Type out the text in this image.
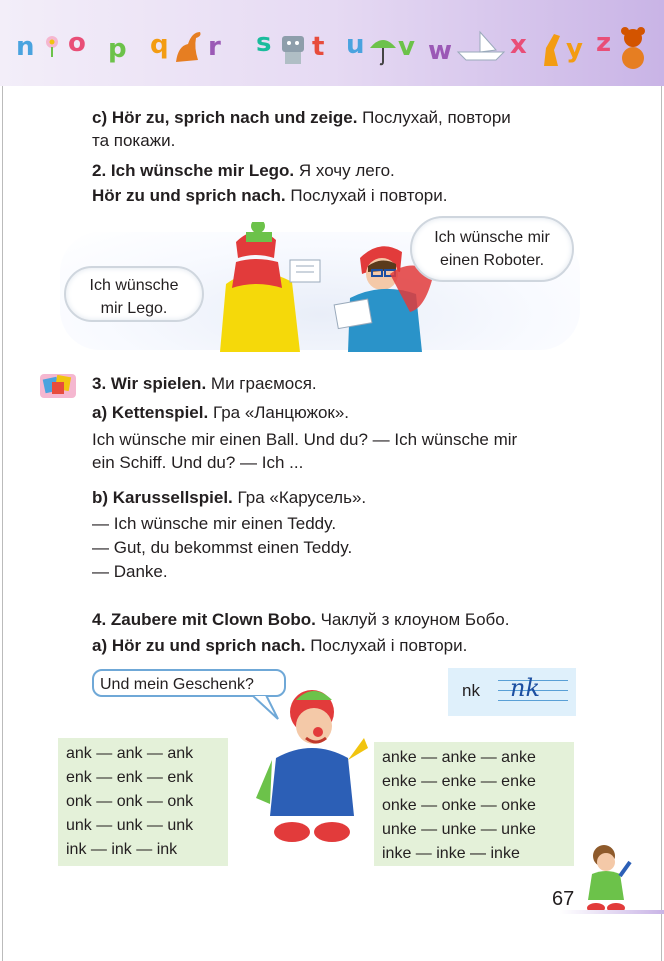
n o p q r s t u v w x y z
c) Hör zu, sprich nach und zeige. Послухай, повтори
та покажи.
2. Ich wünsche mir Lego. Я хочу лего.
Hör zu und sprich nach. Послухай і повтори.
Ich wünsche
mir Lego.
Ich wünsche mir
einen Roboter.
3. Wir spielen. Ми граємося.
a) Kettenspiel. Гра «Ланцюжок».
Ich wünsche mir einen Ball. Und du? — Ich wünsche mir
ein Schiff. Und du? — Ich ...
b) Karussellspiel. Гра «Карусель».
— Ich wünsche mir einen Teddy.
— Gut, du bekommst einen Teddy.
— Danke.
4. Zaubere mit Clown Bobo. Чаклуй з клоуном Бобо.
a) Hör zu und sprich nach. Послухай і повтори.
Und mein Geschenk?	nk nk
ank — ank — ank
enk — enk — enk
onk — onk — onk
unk — unk — unk
ink — ink — ink
anke — anke — anke
enke — enke — enke
onke — onke — onke
unke — unke — unke
inke — inke — inke
67
